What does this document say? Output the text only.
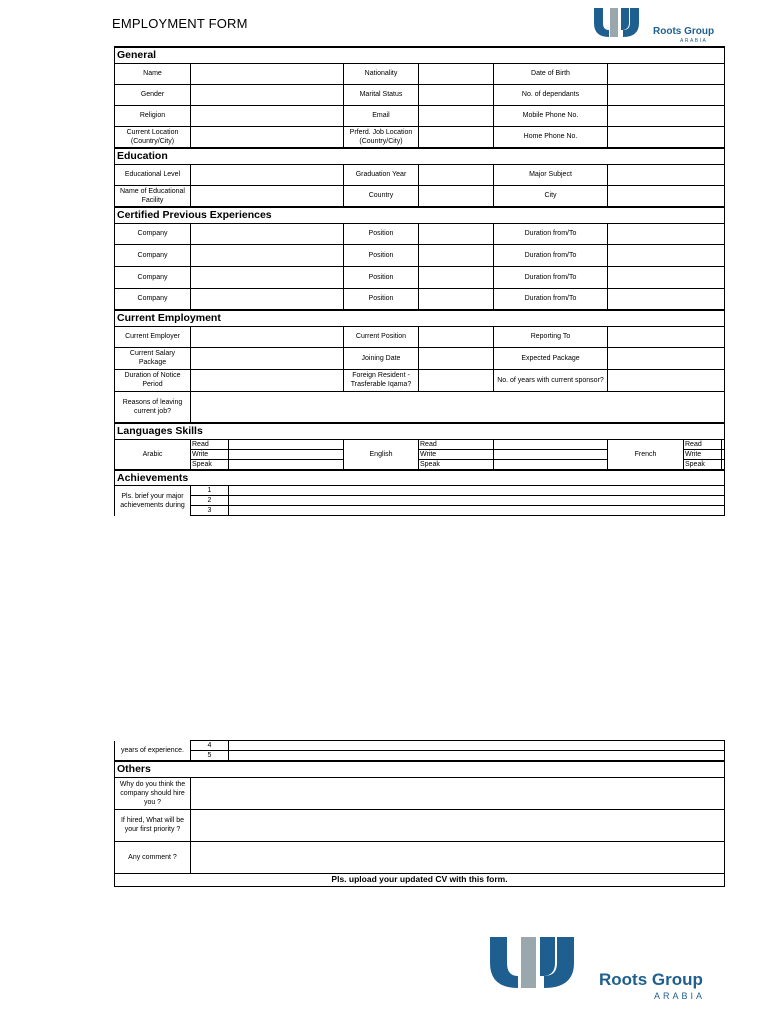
EMPLOYMENT FORM
Roots Group
ARABIA
General								
Name			Nationality		Date of Birth			
Gender			Marital Status		No. of dependants			
Religion			Email		Mobile Phone No.			
Current Location (Country/City)			Prferd. Job Location (Country/City)		Home Phone No.			
Education								
Educational Level			Graduation Year		Major Subject			
Name of Educational Facility			Country		City			
Certified Previous Experiences								
Company			Position		Duration from/To			
Company			Position		Duration from/To			
Company			Position		Duration from/To			
Company			Position		Duration from/To			
Current Employment								
Current Employer			Current Position		Reporting To			
Current Salary Package			Joining Date		Expected Package			
Duration of Notice Period			Foreign Resident - Trasferable Iqama?		No. of years with current sponsor?			
Reasons of leaving current job?								
Languages Skills								
Arabic	Read		English	Read		French	Read	
	Write			Write			Write	
	Speak			Speak			Speak	
Achievements								
Pls. brief your major achievements during	1							
	2							
	3							
years of experience.	4	
	5	
Others		
Why do you think the company should hire you ?		
If hired, What will be your first priority ?		
Any comment ?		
Pls. upload your updated CV with this form.		
Roots Group
ARABIA
